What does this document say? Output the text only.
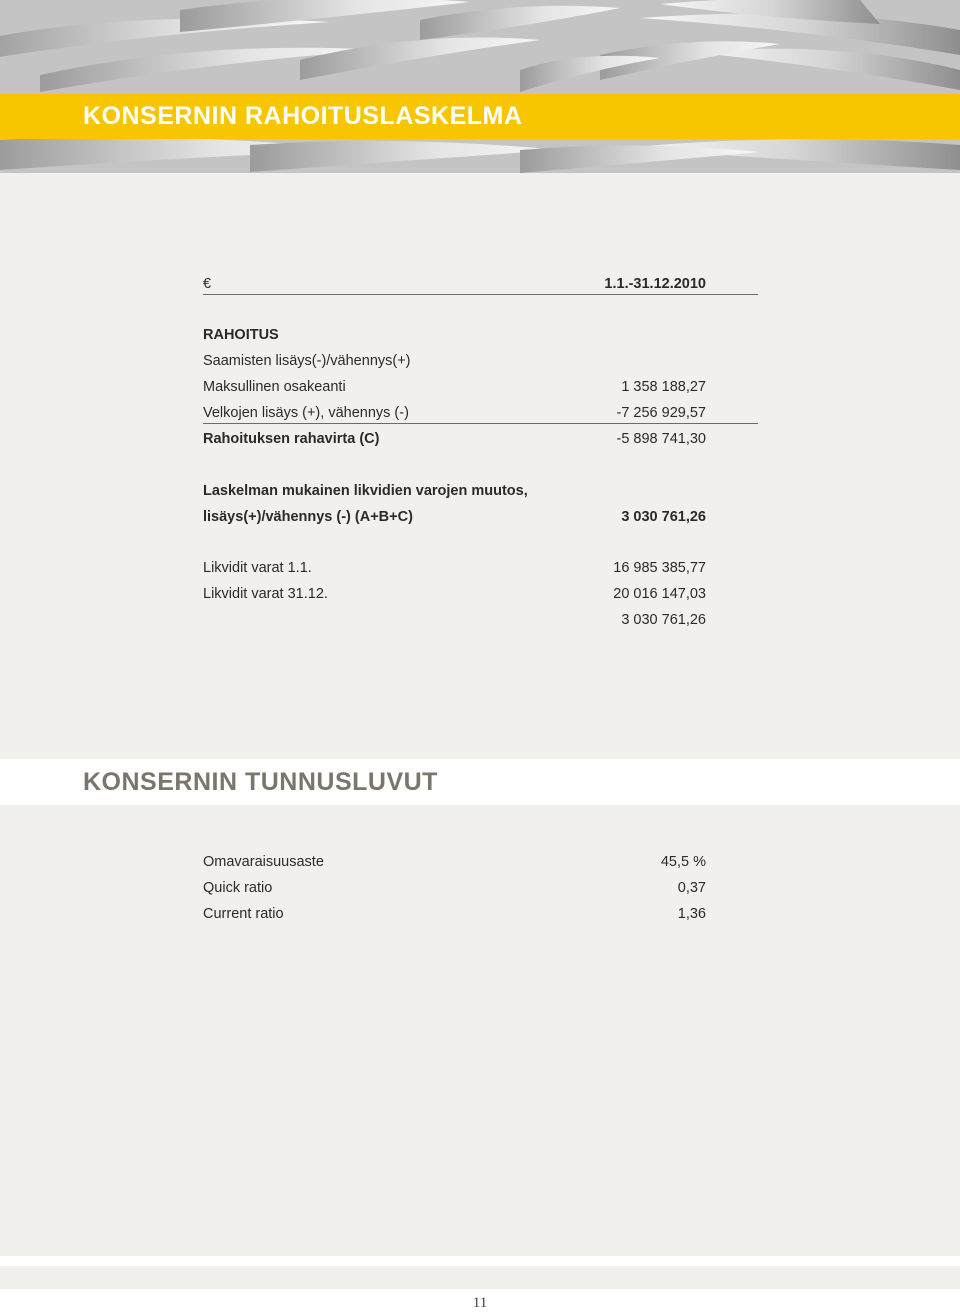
KONSERNIN RAHOITUSLASKELMA
€	1.1.-31.12.2010
RAHOITUS
Saamisten lisäys(-)/vähennys(+)
Maksullinen osakeanti	1 358 188,27
Velkojen lisäys (+), vähennys (-)	-7 256 929,57
Rahoituksen rahavirta (C)	-5 898 741,30
Laskelman mukainen likvidien varojen muutos,
lisäys(+)/vähennys (-) (A+B+C)	3 030 761,26
Likvidit varat 1.1.	16 985 385,77
Likvidit varat 31.12.	20 016 147,03
3 030 761,26
KONSERNIN TUNNUSLUVUT
Omavaraisuusaste	45,5 %
Quick ratio	0,37
Current ratio	1,36
11
